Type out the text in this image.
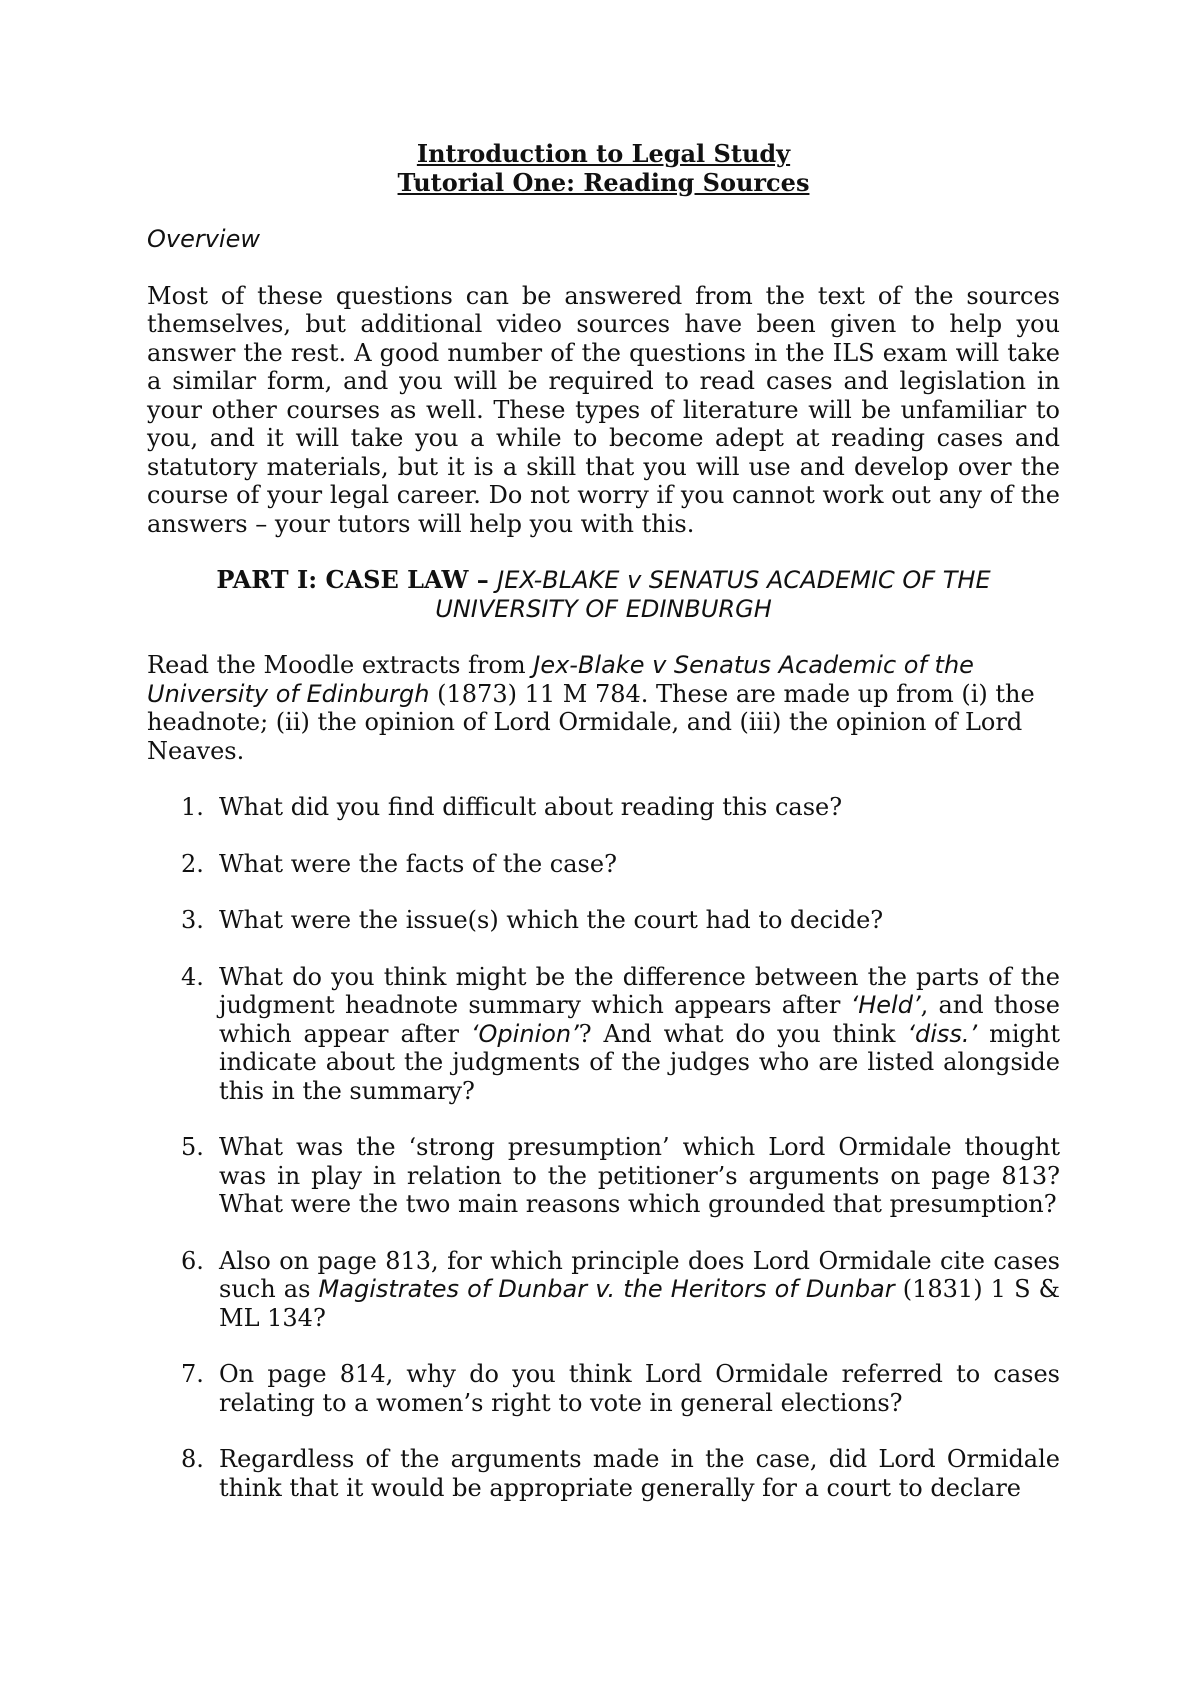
Introduction to Legal Study
Tutorial One: Reading Sources
Overview
Most of these questions can be answered from the text of the sources themselves, but additional video sources have been given to help you answer the rest. A good number of the questions in the ILS exam will take a similar form, and you will be required to read cases and legislation in your other courses as well. These types of literature will be unfamiliar to you, and it will take you a while to become adept at reading cases and statutory materials, but it is a skill that you will use and develop over the course of your legal career. Do not worry if you cannot work out any of the answers – your tutors will help you with this.
PART I: CASE LAW – JEX-BLAKE v SENATUS ACADEMIC OF THE UNIVERSITY OF EDINBURGH
Read the Moodle extracts from Jex-Blake v Senatus Academic of the University of Edinburgh (1873) 11 M 784. These are made up from (i) the headnote; (ii) the opinion of Lord Ormidale, and (iii) the opinion of Lord Neaves.
1. What did you find difficult about reading this case?
2. What were the facts of the case?
3. What were the issue(s) which the court had to decide?
4. What do you think might be the difference between the parts of the judgment headnote summary which appears after ‘Held’, and those which appear after ‘Opinion’? And what do you think ‘diss.’ might indicate about the judgments of the judges who are listed alongside this in the summary?
5. What was the ‘strong presumption’ which Lord Ormidale thought was in play in relation to the petitioner’s arguments on page 813? What were the two main reasons which grounded that presumption?
6. Also on page 813, for which principle does Lord Ormidale cite cases such as Magistrates of Dunbar v. the Heritors of Dunbar (1831) 1 S & ML 134?
7. On page 814, why do you think Lord Ormidale referred to cases relating to a women’s right to vote in general elections?
8. Regardless of the arguments made in the case, did Lord Ormidale think that it would be appropriate generally for a court to declare
